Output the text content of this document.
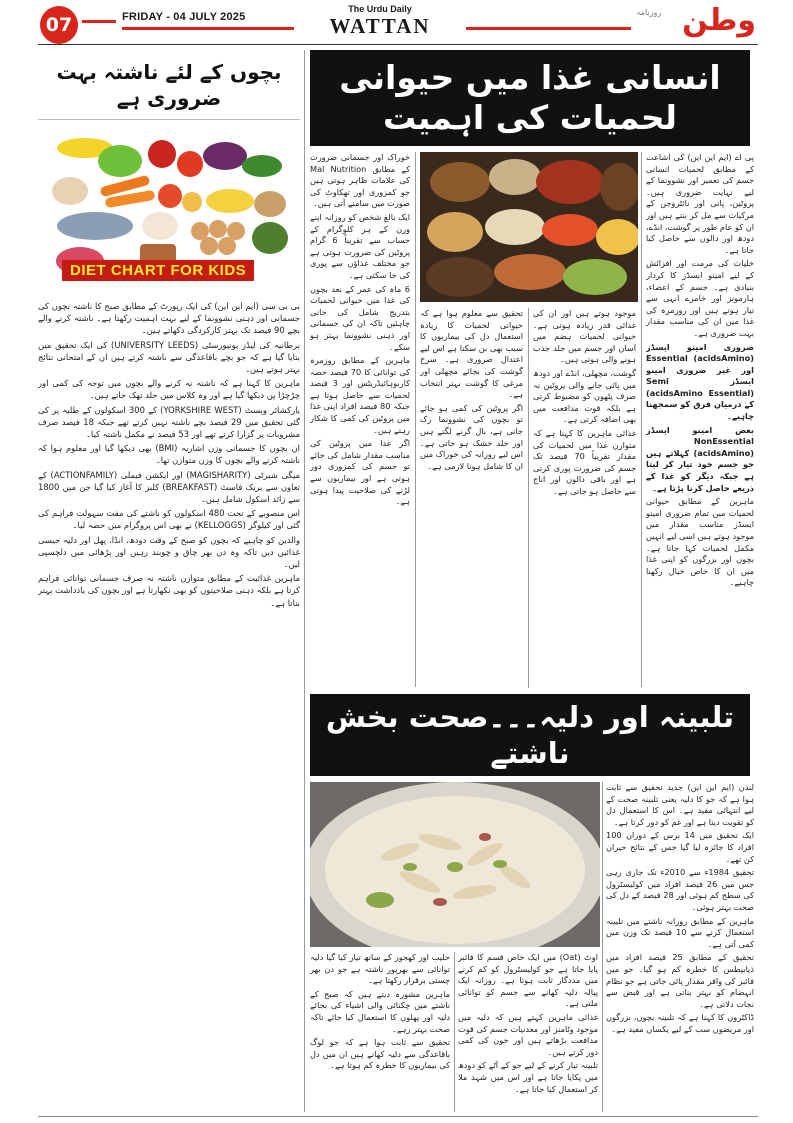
07	FRIDAY - 04 JULY 2025
The Urdu Daily
WATTAN
روزنامہ وطن
انسانی غذا میں حیوانی لحمیات کی اہمیت
بچوں کے لئے ناشتہ بہت ضروری ہے
DIET CHART FOR KIDS

پی اے (ایم این این) کی اشاعت کے مطابق لحمیات انسانی جسم کی تعمیر اور نشوونما کے لیے نہایت ضروری ہیں۔ پروٹین، پانی اور نائٹروجن کے مرکبات سے مل کر بنتے ہیں اور ان کو عام طور پر گوشت، انڈے، دودھ اور دالوں سے حاصل کیا جاتا ہے۔

خلیات کی مرمت اور افزائش کے لیے امینو ایسڈز کا کردار بنیادی ہے۔ جسم کے اعضاء، ہارمونز اور خامرے انہی سے تیار ہوتے ہیں اور روزمرہ کی غذا میں ان کی مناسب مقدار بہت ضروری ہے۔

ضروری امینو ایسڈز Essential (acidsAmino) اور غیر ضروری امینو ایسڈز Semi (acidsAmino Essential) کے درمیان فرق کو سمجھنا چاہیے۔

بعض امینو ایسڈز NonEssential (acidsAmino) کہلاتے ہیں جو جسم خود تیار کر لیتا ہے جبکہ دیگر کو غذا کے ذریعے حاصل کرنا پڑتا ہے۔

ماہرین کے مطابق حیوانی لحمیات میں تمام ضروری امینو ایسڈز مناسب مقدار میں موجود ہوتے ہیں اسی لیے انہیں مکمل لحمیات کہا جاتا ہے۔ بچوں اور بزرگوں کو اپنی غذا میں ان کا خاص خیال رکھنا چاہیے۔

موجود ہوتے ہیں اور ان کی غذائی قدر زیادہ ہوتی ہے۔ حیوانی لحمیات ہضم میں آسان اور جسم میں جلد جذب ہونے والی ہوتی ہیں۔

گوشت، مچھلی، انڈے اور دودھ میں پائی جانے والی پروٹین نہ صرف پٹھوں کو مضبوط کرتی ہے بلکہ قوت مدافعت میں بھی اضافہ کرتی ہے۔

غذائی ماہرین کا کہنا ہے کہ متوازن غذا میں لحمیات کی مقدار تقریباً 70 فیصد تک جسم کی ضرورت پوری کرتی ہے اور باقی دالوں اور اناج سے حاصل ہو جاتی ہے۔

تحقیق سے معلوم ہوا ہے کہ حیوانی لحمیات کا زیادہ استعمال دل کی بیماریوں کا سبب بھی بن سکتا ہے اس لیے اعتدال ضروری ہے۔ سرخ گوشت کی بجائے مچھلی اور مرغی کا گوشت بہتر انتخاب ہے۔

اگر پروٹین کی کمی ہو جائے تو بچوں کی نشوونما رک جاتی ہے، بال گرنے لگتے ہیں اور جلد خشک ہو جاتی ہے۔ اس لیے روزانہ کی خوراک میں ان کا شامل ہونا لازمی ہے۔

خوراک اور جسمانی ضرورت کے مطابق Mal Nutrition کی علامات ظاہر ہوتی ہیں جو کمزوری اور تھکاوٹ کی صورت میں سامنے آتی ہیں۔

ایک بالغ شخص کو روزانہ اپنے وزن کے ہر کلوگرام کے حساب سے تقریباً 6 گرام پروٹین کی ضرورت ہوتی ہے جو مختلف غذاؤں سے پوری کی جا سکتی ہے۔

6 ماہ کی عمر کے بعد بچوں کی غذا میں حیوانی لحمیات بتدریج شامل کی جانی چاہئیں تاکہ ان کی جسمانی اور ذہنی نشوونما بہتر ہو سکے۔

ماہرین کے مطابق روزمرہ کی توانائی کا 70 فیصد حصہ کاربوہائیڈریٹس اور 3 فیصد لحمیات سے حاصل ہوتا ہے جبکہ 80 فیصد افراد اپنی غذا میں پروٹین کی کمی کا شکار رہتے ہیں۔

اگر غذا میں پروٹین کی مناسب مقدار شامل کی جائے تو جسم کی کمزوری دور ہوتی ہے اور بیماریوں سے لڑنے کی صلاحیت پیدا ہوتی ہے۔

بی بی سی (ایم این این) کی ایک رپورٹ کے مطابق صبح کا ناشتہ بچوں کی جسمانی اور ذہنی نشوونما کے لیے بہت اہمیت رکھتا ہے۔ ناشتہ کرنے والے بچے 90 فیصد تک بہتر کارکردگی دکھاتے ہیں۔

برطانیہ کی لیڈز یونیورسٹی (UNIVERSITY LEEDS) کی ایک تحقیق میں بتایا گیا ہے کہ جو بچے باقاعدگی سے ناشتہ کرتے ہیں ان کے امتحانی نتائج بہتر ہوتے ہیں۔

ماہرین کا کہنا ہے کہ ناشتہ نہ کرنے والے بچوں میں توجہ کی کمی اور چڑچڑا پن دیکھا گیا ہے اور وہ کلاس میں جلد تھک جاتے ہیں۔

یارکشائر ویسٹ (YORKSHIRE WEST) کے 300 اسکولوں کے طلبہ پر کی گئی تحقیق میں 29 فیصد بچے ناشتہ نہیں کرتے تھے جبکہ 18 فیصد صرف مشروبات پر گزارا کرتے تھے اور 53 فیصد نے مکمل ناشتہ کیا۔

ان بچوں کا جسمانی وزن اشاریہ (BMI) بھی دیکھا گیا اور معلوم ہوا کہ ناشتہ کرنے والے بچوں کا وزن متوازن تھا۔

میگی شیرٹی (MAGISHARITY) اور ایکشن فیملی (ACTIONFAMILY) کے تعاون سے بریک فاسٹ (BREAKFAST) کلبز کا آغاز کیا گیا جن میں 1800 سے زائد اسکول شامل ہیں۔

اس منصوبے کے تحت 480 اسکولوں کو ناشتے کی مفت سہولت فراہم کی گئی اور کیلوگز (KELLOGGS) نے بھی اس پروگرام میں حصہ لیا۔

والدین کو چاہیے کہ بچوں کو صبح کے وقت دودھ، انڈا، پھل اور دلیہ جیسی غذائیں دیں تاکہ وہ دن بھر چاق و چوبند رہیں اور پڑھائی میں دلچسپی لیں۔

ماہرین غذائیت کے مطابق متوازن ناشتہ نہ صرف جسمانی توانائی فراہم کرتا ہے بلکہ ذہنی صلاحیتوں کو بھی نکھارتا ہے اور بچوں کی یادداشت بہتر بناتا ہے۔

تلبینہ اور دلیہ۔۔۔صحت بخش ناشتے

لندن (ایم این این) جدید تحقیق سے ثابت ہوا ہے کہ جو کا دلیہ یعنی تلبینہ صحت کے لیے انتہائی مفید ہے۔ اس کا استعمال دل کو تقویت دیتا ہے اور غم کو دور کرتا ہے۔

ایک تحقیق میں 14 برس کے دوران 100 افراد کا جائزہ لیا گیا جس کے نتائج حیران کن تھے۔

تحقیق 1984ء سے 2010ء تک جاری رہی جس میں 26 فیصد افراد میں کولیسٹرول کی سطح کم ہوئی اور 28 فیصد کے دل کی صحت بہتر ہوئی۔

ماہرین کے مطابق روزانہ ناشتے میں تلبینہ استعمال کرنے سے 10 فیصد تک وزن میں کمی آتی ہے۔

تحقیق کے مطابق 25 فیصد افراد میں ذیابیطس کا خطرہ کم ہو گیا۔ جو میں فائبر کی وافر مقدار پائی جاتی ہے جو نظام انہضام کو بہتر بناتی ہے اور قبض سے نجات دلاتی ہے۔

ڈاکٹروں کا کہنا ہے کہ تلبینہ بچوں، بزرگوں اور مریضوں سب کے لیے یکساں مفید ہے۔

اوٹ (Oat) میں ایک خاص قسم کا فائبر پایا جاتا ہے جو کولیسٹرول کو کم کرنے میں مددگار ثابت ہوتا ہے۔ روزانہ ایک پیالہ دلیہ کھانے سے جسم کو توانائی ملتی ہے۔

غذائی ماہرین کہتے ہیں کہ دلیہ میں موجود وٹامنز اور معدنیات جسم کی قوت مدافعت بڑھاتے ہیں اور خون کی کمی دور کرتے ہیں۔

تلبینہ تیار کرنے کے لیے جو کے آٹے کو دودھ میں پکایا جاتا ہے اور اس میں شہد ملا کر استعمال کیا جاتا ہے۔

حلیب اور کھجور کے ساتھ تیار کیا گیا دلیہ توانائی سے بھرپور ناشتہ ہے جو دن بھر چستی برقرار رکھتا ہے۔

ماہرین مشورہ دیتے ہیں کہ صبح کے ناشتے میں چکنائی والی اشیاء کی بجائے دلیہ اور پھلوں کا استعمال کیا جائے تاکہ صحت بہتر رہے۔

تحقیق سے ثابت ہوا ہے کہ جو لوگ باقاعدگی سے دلیہ کھاتے ہیں ان میں دل کی بیماریوں کا خطرہ کم ہوتا ہے۔
